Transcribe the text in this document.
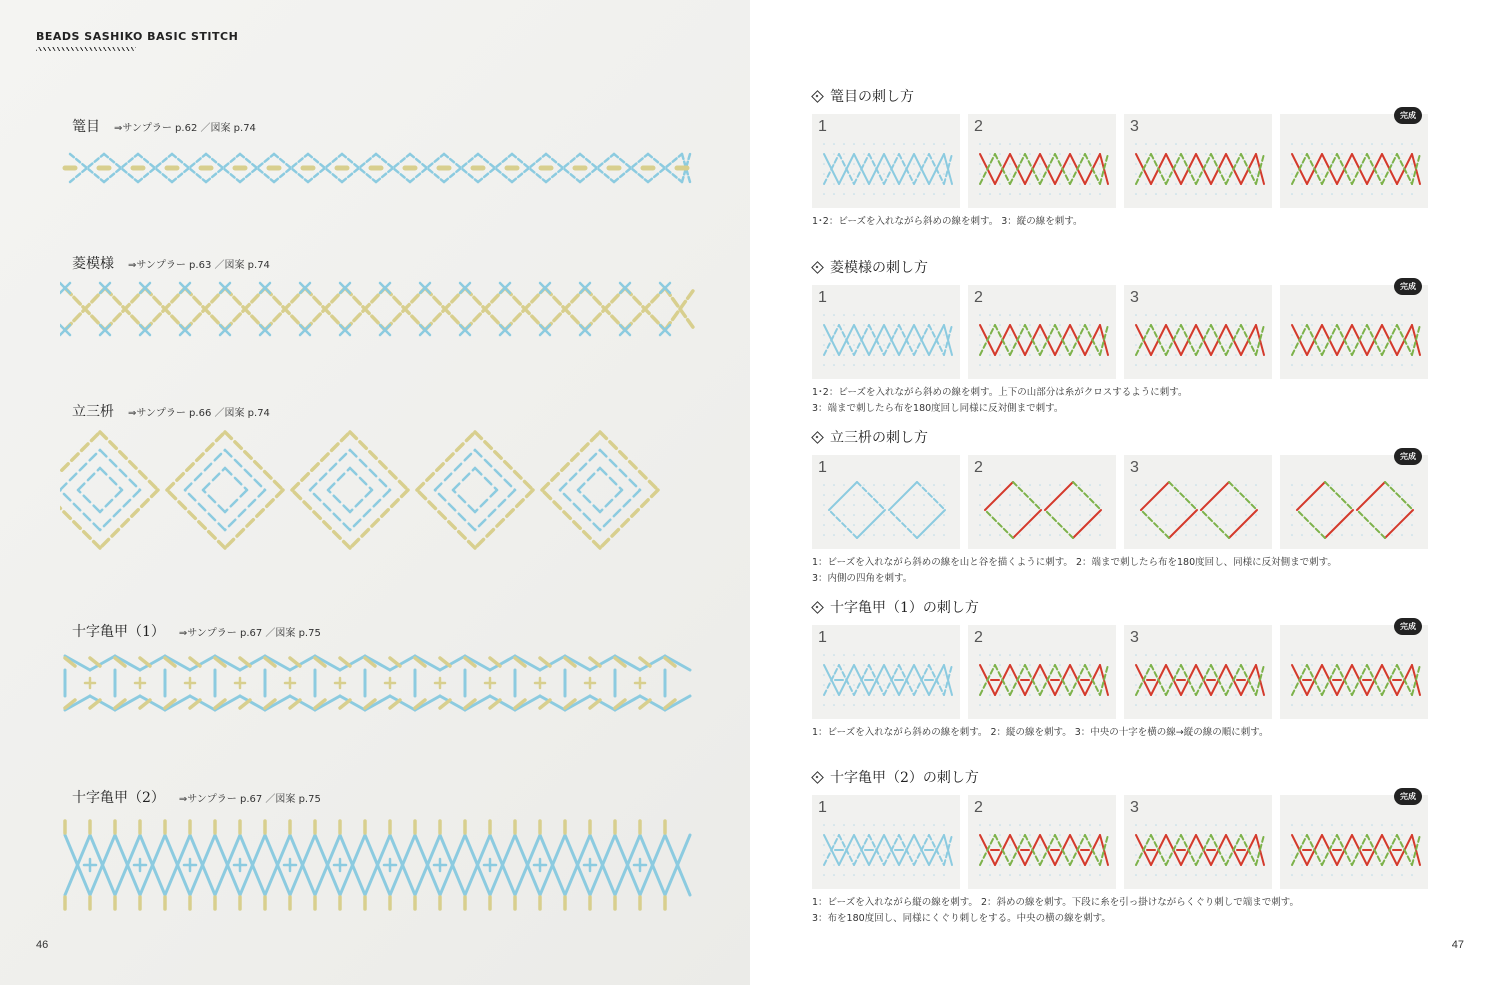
BEADS SASHIKO BASIC STITCH
篭目 ⇒サンプラー p.62 ／図案 p.74
菱模様 ⇒サンプラー p.63 ／図案 p.74
立三枡 ⇒サンプラー p.66 ／図案 p.74
十字亀甲（1） ⇒サンプラー p.67 ／図案 p.75
十字亀甲（2） ⇒サンプラー p.67 ／図案 p.75
46
篭目の刺し方
1	2	3
完成
1･2：ビーズを入れながら斜めの線を刺す。 3：縦の線を刺す。
菱模様の刺し方
1	2	3
完成
1･2：ビーズを入れながら斜めの線を刺す。上下の山部分は糸がクロスするように刺す。
3：端まで刺したら布を180度回し同様に反対側まで刺す。
立三枡の刺し方
1	2	3
完成
1：ビーズを入れながら斜めの線を山と谷を描くように刺す。 2：端まで刺したら布を180度回し、同様に反対側まで刺す。
3：内側の四角を刺す。
十字亀甲（1）の刺し方
1	2	3
完成
1：ビーズを入れながら斜めの線を刺す。 2：縦の線を刺す。 3：中央の十字を横の線→縦の線の順に刺す。
十字亀甲（2）の刺し方
1	2	3
完成
1：ビーズを入れながら縦の線を刺す。 2：斜めの線を刺す。下段に糸を引っ掛けながらくぐり刺しで端まで刺す。
3：布を180度回し、同様にくぐり刺しをする。中央の横の線を刺す。
47
